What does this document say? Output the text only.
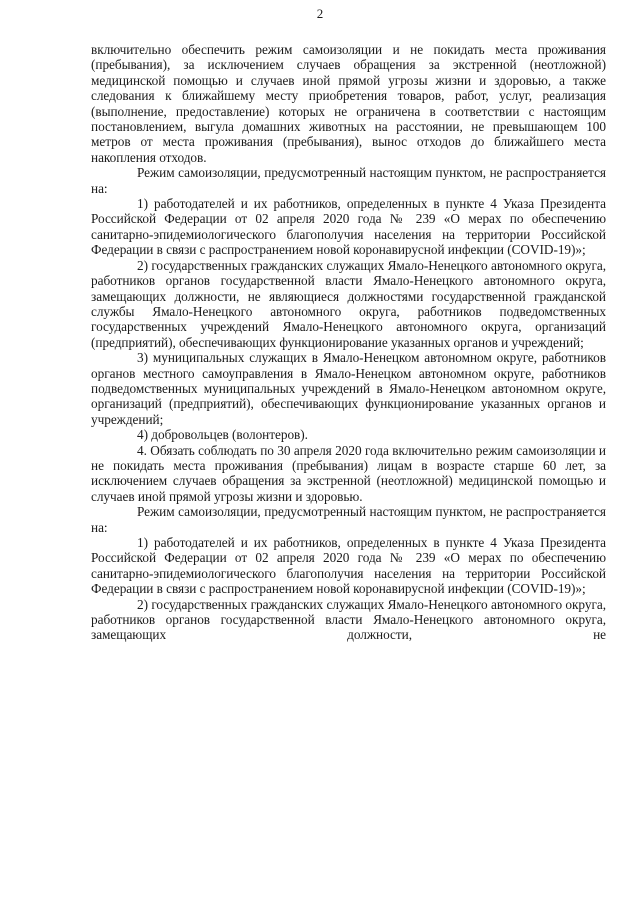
2

включительно обеспечить режим самоизоляции и не покидать места проживания (пребывания), за исключением случаев обращения за экстренной (неотложной) медицинской помощью и случаев иной прямой угрозы жизни и здоровью, а также следования к ближайшему месту приобретения товаров, работ, услуг, реализация (выполнение, предоставление) которых не ограничена в соответствии с настоящим постановлением, выгула домашних животных на расстоянии, не превышающем 100 метров от места проживания (пребывания), вынос отходов до ближайшего места накопления отходов.

Режим самоизоляции, предусмотренный настоящим пунктом, не распространяется на:

1) работодателей и их работников, определенных в пункте 4 Указа Президента Российской Федерации от 02 апреля 2020 года № 239 «О мерах по обеспечению санитарно-эпидемиологического благополучия населения на территории Российской Федерации в связи с распространением новой коронавирусной инфекции (COVID-19)»;

2) государственных гражданских служащих Ямало-Ненецкого автономного округа, работников органов государственной власти Ямало-Ненецкого автономного округа, замещающих должности, не являющиеся должностями государственной гражданской службы Ямало-Ненецкого автономного округа, работников подведомственных государственных учреждений Ямало-Ненецкого автономного округа, организаций (предприятий), обеспечивающих функционирование указанных органов и учреждений;

3) муниципальных служащих в Ямало-Ненецком автономном округе, работников органов местного самоуправления в Ямало-Ненецком автономном округе, работников подведомственных муниципальных учреждений в Ямало-Ненецком автономном округе, организаций (предприятий), обеспечивающих функционирование указанных органов и учреждений;

4) добровольцев (волонтеров).

4. Обязать соблюдать по 30 апреля 2020 года включительно режим самоизоляции и не покидать места проживания (пребывания) лицам в возрасте старше 60 лет, за исключением случаев обращения за экстренной (неотложной) медицинской помощью и случаев иной прямой угрозы жизни и здоровью.

Режим самоизоляции, предусмотренный настоящим пунктом, не распространяется на:

1) работодателей и их работников, определенных в пункте 4 Указа Президента Российской Федерации от 02 апреля 2020 года № 239 «О мерах по обеспечению санитарно-эпидемиологического благополучия населения на территории Российской Федерации в связи с распространением новой коронавирусной инфекции (COVID-19)»;

2) государственных гражданских служащих Ямало-Ненецкого автономного округа, работников органов государственной власти Ямало-Ненецкого автономного округа, замещающих должности, не
